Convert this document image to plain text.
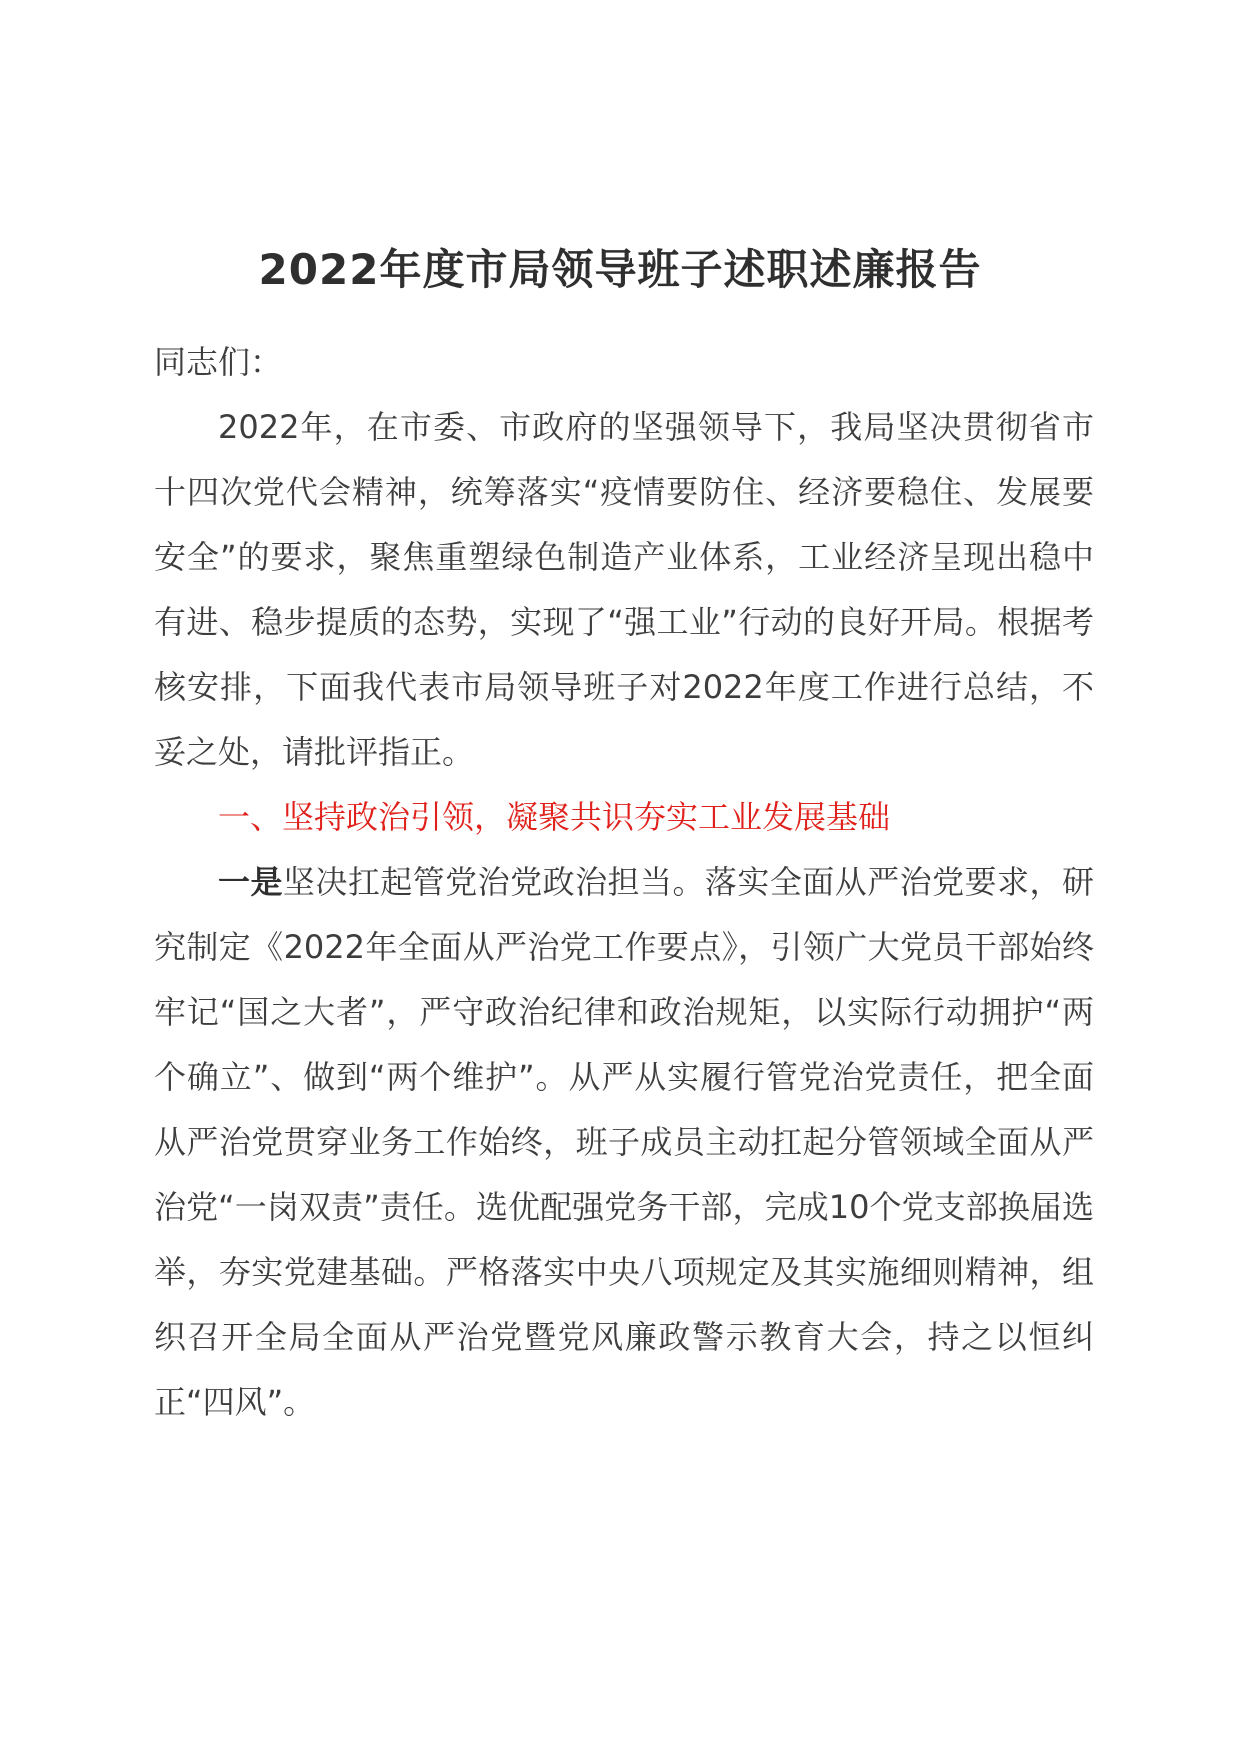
2022年度市局领导班子述职述廉报告

同志们：

2022年，在市委、市政府的坚强领导下，我局坚决贯彻省市十四次党代会精神，统筹落实“疫情要防住、经济要稳住、发展要安全”的要求，聚焦重塑绿色制造产业体系，工业经济呈现出稳中有进、稳步提质的态势，实现了“强工业”行动的良好开局。根据考核安排，下面我代表市局领导班子对2022年度工作进行总结，不妥之处，请批评指正。

一、坚持政治引领，凝聚共识夯实工业发展基础

一是坚决扛起管党治党政治担当。落实全面从严治党要求，研究制定《2022年全面从严治党工作要点》，引领广大党员干部始终牢记“国之大者”，严守政治纪律和政治规矩，以实际行动拥护“两个确立”、做到“两个维护”。从严从实履行管党治党责任，把全面从严治党贯穿业务工作始终，班子成员主动扛起分管领域全面从严治党“一岗双责”责任。选优配强党务干部，完成10个党支部换届选举，夯实党建基础。严格落实中央八项规定及其实施细则精神，组织召开全局全面从严治党暨党风廉政警示教育大会，持之以恒纠正“四风”。
